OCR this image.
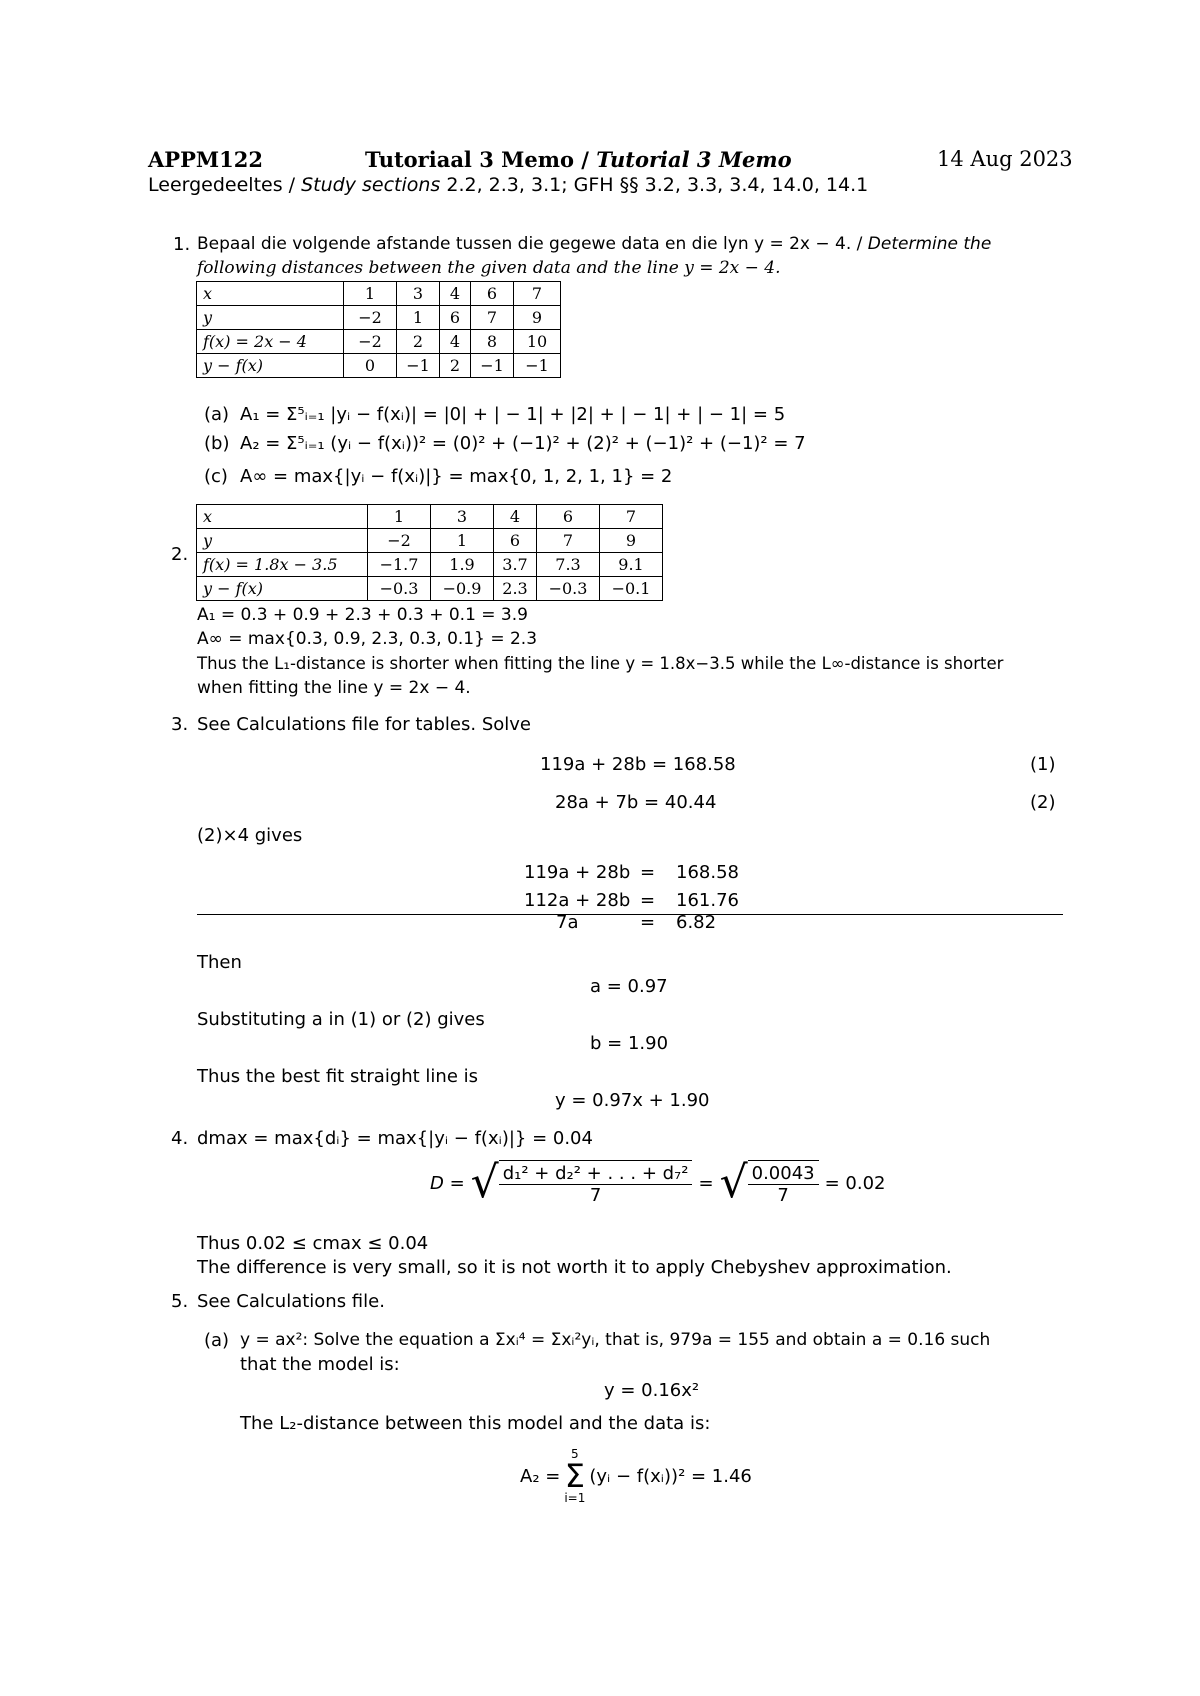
APPM122	Tutoriaal 3 Memo / Tutorial 3 Memo	14 Aug 2023
Leergedeeltes / Study sections 2.2, 2.3, 3.1; GFH §§ 3.2, 3.3, 3.4, 14.0, 14.1
1. Bepaal die volgende afstande tussen die gegewe data en die lyn y = 2x − 4. / Determine the
following distances between the given data and the line y = 2x − 4.
x	1	3	4	6	7
y	−2	1	6	7	9
f(x) = 2x − 4	−2	2	4	8	10
y − f(x)	0	−1	2	−1	−1
(a) A₁ = Σ⁵ᵢ₌₁ |yᵢ − f(xᵢ)| = |0| + | − 1| + |2| + | − 1| + | − 1| = 5
(b) A₂ = Σ⁵ᵢ₌₁ (yᵢ − f(xᵢ))² = (0)² + (−1)² + (2)² + (−1)² + (−1)² = 7
(c) A∞ = max{|yᵢ − f(xᵢ)|} = max{0, 1, 2, 1, 1} = 2
2.
x	1	3	4	6	7
y	−2	1	6	7	9
f(x) = 1.8x − 3.5	−1.7	1.9	3.7	7.3	9.1
y − f(x)	−0.3	−0.9	2.3	−0.3	−0.1
A₁ = 0.3 + 0.9 + 2.3 + 0.3 + 0.1 = 3.9
A∞ = max{0.3, 0.9, 2.3, 0.3, 0.1} = 2.3
Thus the L₁-distance is shorter when fitting the line y = 1.8x−3.5 while the L∞-distance is shorter
when fitting the line y = 2x − 4.
3. See Calculations file for tables. Solve
119a + 28b = 168.58	(1)
28a + 7b = 40.44	(2)
(2)×4 gives
119a + 28b = 168.58
112a + 28b = 161.76
7a	= 6.82
Then
a = 0.97
Substituting a in (1) or (2) gives
b = 1.90
Thus the best fit straight line is
y = 0.97x + 1.90
4. dmax = max{dᵢ} = max{|yᵢ − f(xᵢ)|} = 0.04
D = √ $\frac{\text{d₁² + d₂² + . . . + d₇²}}{7}$ = √ $\frac{0.0043}{7} = 0.02$
Thus 0.02 ≤ cmax ≤ 0.04
The difference is very small, so it is not worth it to apply Chebyshev approximation.
5. See Calculations file.
(a) y = ax²: Solve the equation a Σxᵢ⁴ = Σxᵢ²yᵢ, that is, 979a = 155 and obtain a = 0.16 such
that the model is:
y = 0.16x²
The L₂-distance between this model and the data is:
A₂ =
5
Σ
i=1
(yᵢ − f(xᵢ))² = 1.46
